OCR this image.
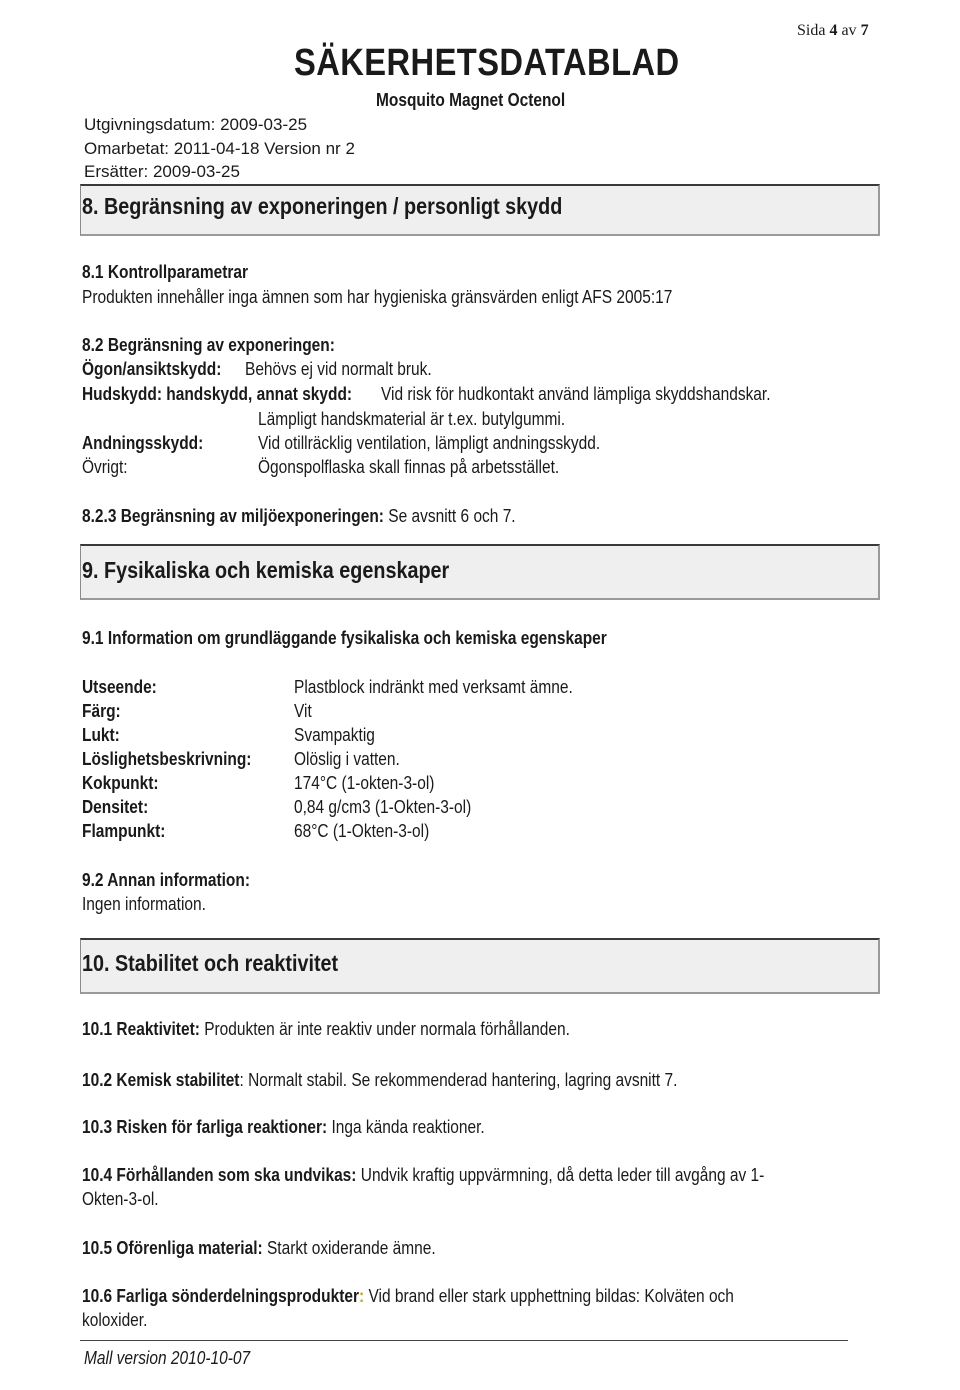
Sida 4 av 7
SÄKERHETSDATABLAD
Mosquito Magnet Octenol
Utgivningsdatum: 2009-03-25
Omarbetat: 2011-04-18 Version nr 2
Ersätter: 2009-03-25
8. Begränsning av exponeringen / personligt skydd
8.1 Kontrollparametrar
Produkten innehåller inga ämnen som har hygieniska gränsvärden enligt AFS 2005:17
8.2 Begränsning av exponeringen:
Ögon/ansiktskydd: Behövs ej vid normalt bruk.
Hudskydd: handskydd, annat skydd: Vid risk för hudkontakt använd lämpliga skyddshandskar.
Lämpligt handskmaterial är t.ex. butylgummi.
Andningsskydd:	Vid otillräcklig ventilation, lämpligt andningsskydd.
Övrigt:	Ögonspolflaska skall finnas på arbetsstället.
8.2.3 Begränsning av miljöexponeringen: Se avsnitt 6 och 7.
9. Fysikaliska och kemiska egenskaper
9.1 Information om grundläggande fysikaliska och kemiska egenskaper
Utseende:	Plastblock indränkt med verksamt ämne.
Färg:	Vit
Lukt:	Svampaktig
Löslighetsbeskrivning: Olöslig i vatten.
Kokpunkt:	174°C (1-okten-3-ol)
Densitet:	0,84 g/cm3 (1-Okten-3-ol)
Flampunkt:	68°C (1-Okten-3-ol)
9.2 Annan information:
Ingen information.
10. Stabilitet och reaktivitet
10.1 Reaktivitet: Produkten är inte reaktiv under normala förhållanden.
10.2 Kemisk stabilitet: Normalt stabil. Se rekommenderad hantering, lagring avsnitt 7.
10.3 Risken för farliga reaktioner: Inga kända reaktioner.
10.4 Förhållanden som ska undvikas: Undvik kraftig uppvärmning, då detta leder till avgång av 1-
Okten-3-ol.
10.5 Oförenliga material: Starkt oxiderande ämne.
10.6 Farliga sönderdelningsprodukter: Vid brand eller stark upphettning bildas: Kolväten och
koloxider.
Mall version 2010-10-07
